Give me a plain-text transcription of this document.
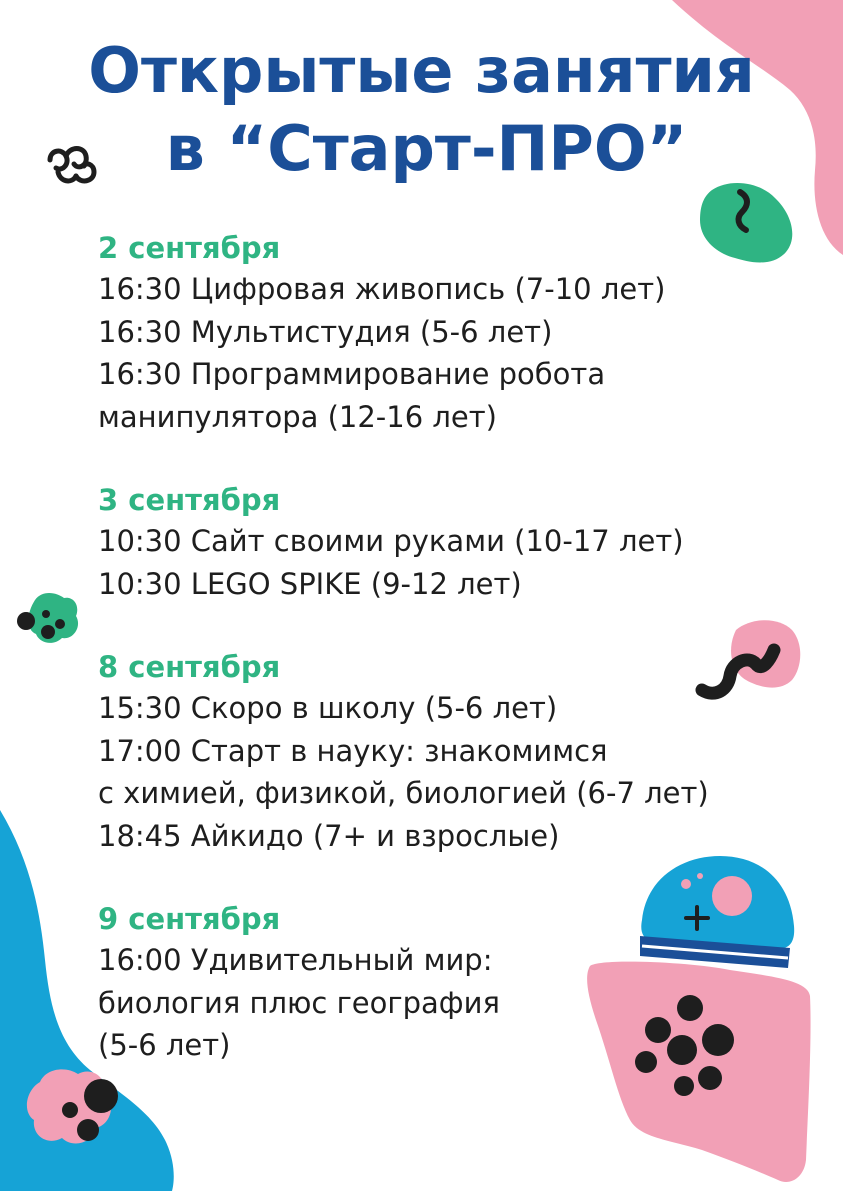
Открытые занятия
в “Старт-ПРО”

2 сентября

16:30 Цифровая живопись (7-10 лет)

16:30 Мультистудия (5-6 лет)

16:30 Программирование робота
манипулятора (12-16 лет)

3 сентября

10:30 Сайт своими руками (10-17 лет)

10:30 LEGO SPIKE (9-12 лет)

8 сентября

15:30 Скоро в школу (5-6 лет)

17:00 Старт в науку: знакомимся
с химией, физикой, биологией (6-7 лет)

18:45 Айкидо (7+ и взрослые)

9 сентября

16:00 Удивительный мир:
биология плюс география
(5-6 лет)
